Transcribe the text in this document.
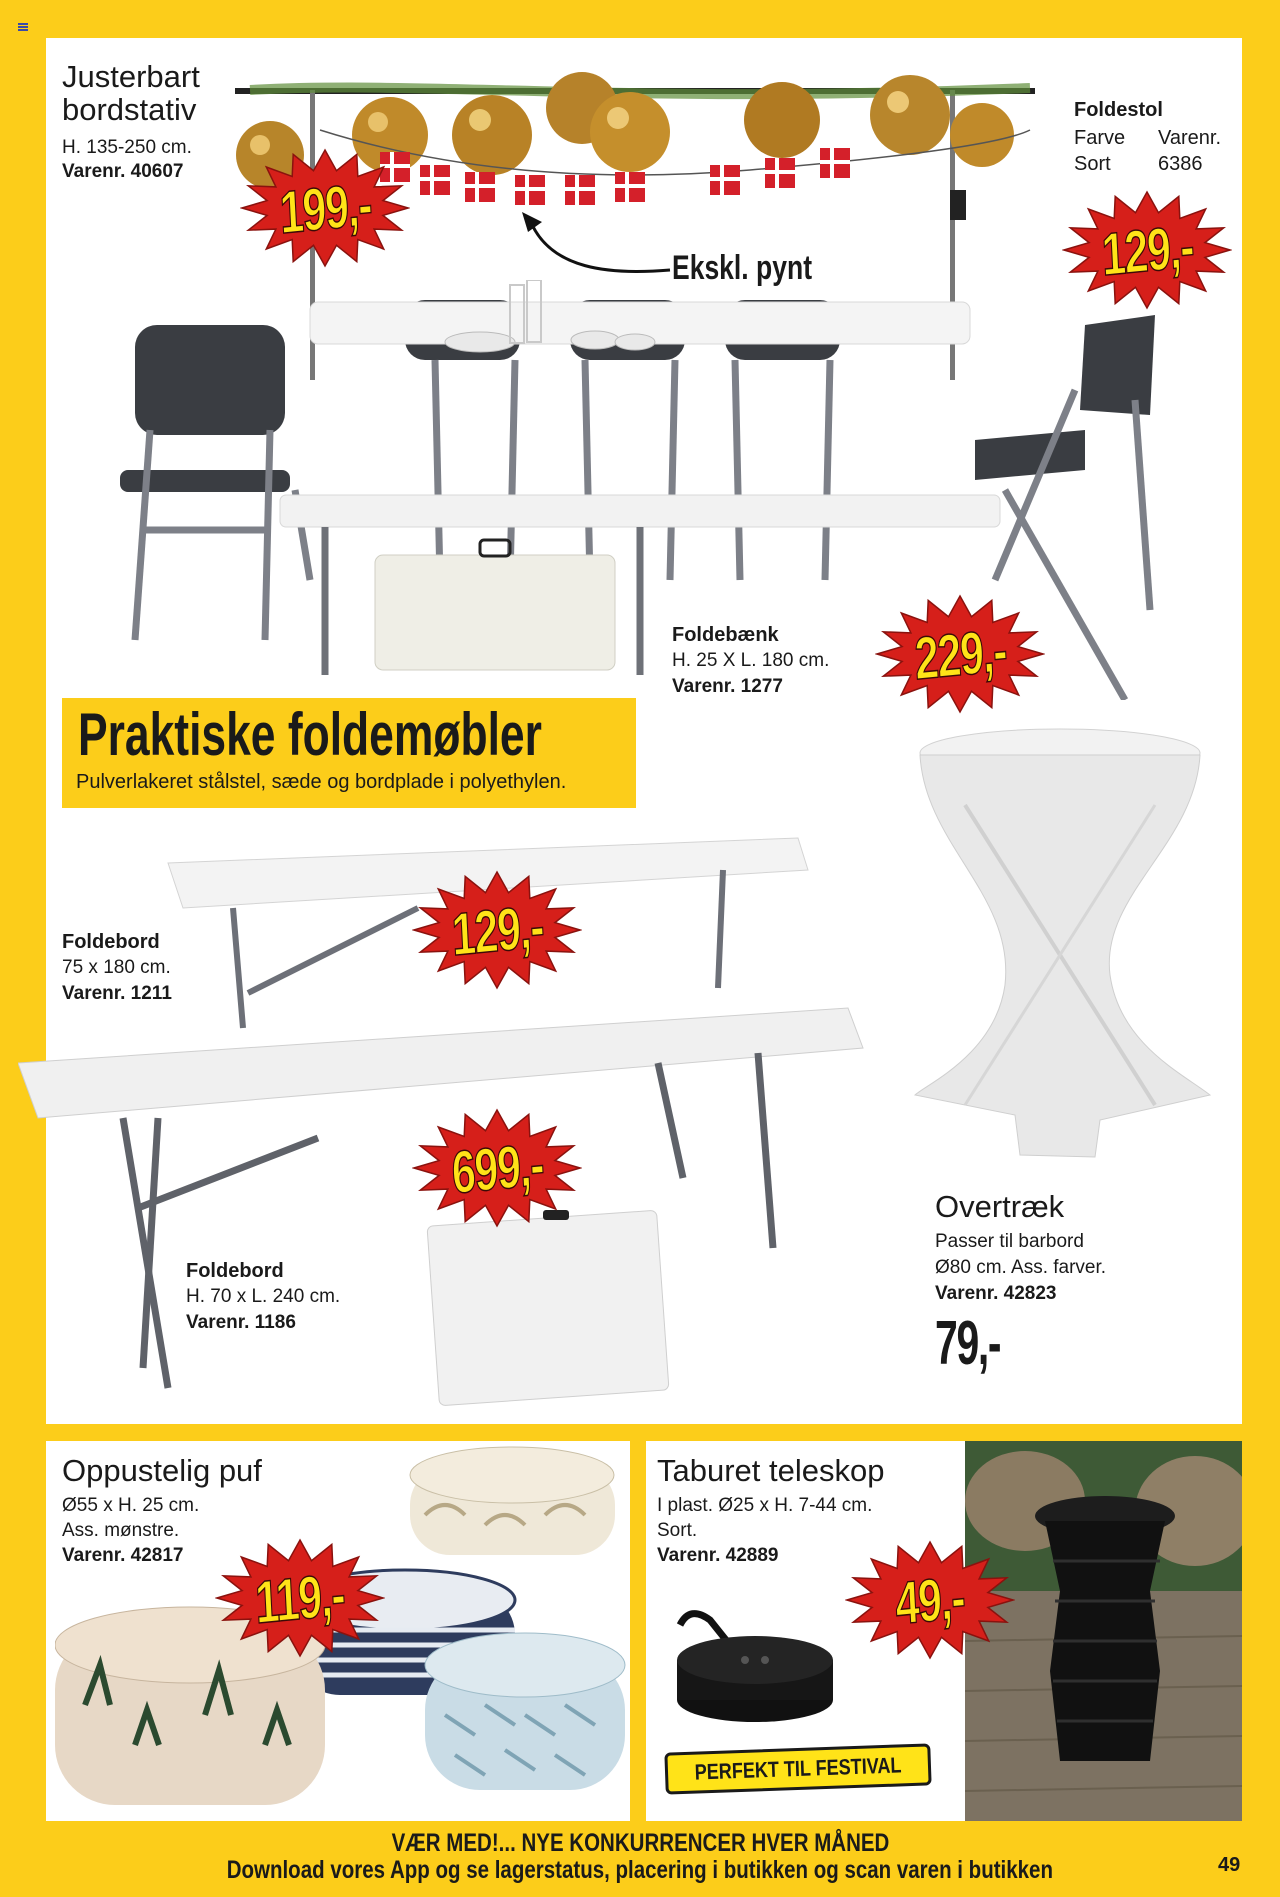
Justerbart bordstativ
H. 135-250 cm.
Varenr. 40607
Ekskl. pynt
Foldestol
Farve Varenr.
Sort	6386
Foldebænk
H. 25 X L. 180 cm.
Varenr. 1277
Praktiske foldemøbler
Pulverlakeret stålstel, sæde og bordplade i polyethylen.
Foldebord
75 x 180 cm.
Varenr. 1211
Foldebord
H. 70 x L. 240 cm.
Varenr. 1186
Overtræk
Passer til barbord
Ø80 cm. Ass. farver.
Varenr. 42823
79,-
Oppustelig puf
Ø55 x H. 25 cm.
Ass. mønstre.
Varenr. 42817
Taburet teleskop
I plast. Ø25 x H. 7-44 cm.
Sort.
Varenr. 42889
PERFEKT TIL FESTIVAL
199,-
129,-
229,-
129,-
699,-
119,-	49,-
VÆR MED!... NYE KONKURRENCER HVER MÅNED
Download vores App og se lagerstatus, placering i butikken og scan varen i butikken	49
